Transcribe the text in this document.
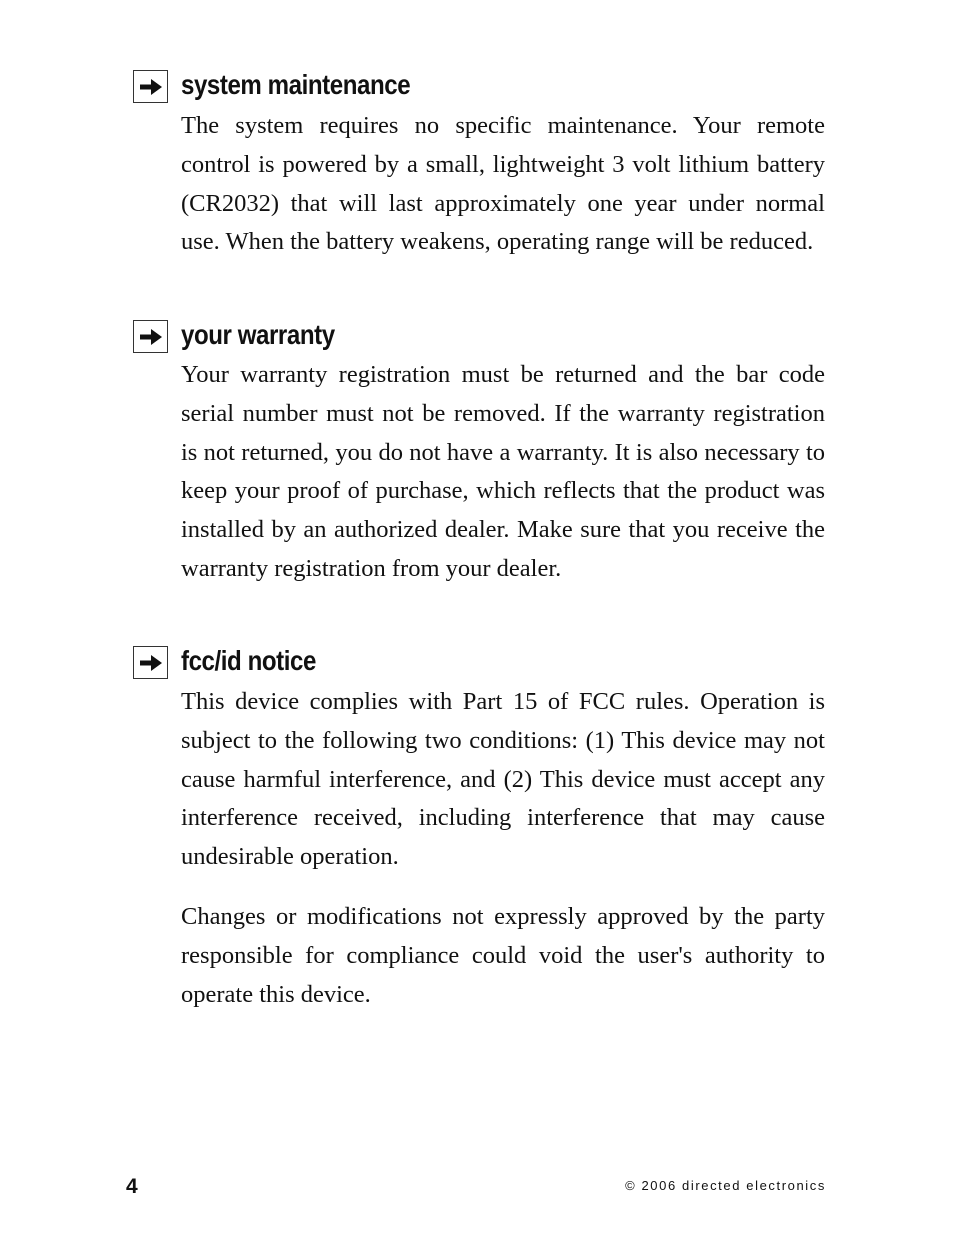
system maintenance

The system requires no specific maintenance. Your remote control is powered by a small, lightweight 3 volt lithium battery (CR2032) that will last approximately one year under normal use. When the battery weakens, operating range will be reduced.

your warranty

Your warranty registration must be returned and the bar code serial number must not be removed. If the warranty registration is not returned, you do not have a warranty. It is also necessary to keep your proof of purchase, which reflects that the product was installed by an authorized dealer. Make sure that you receive the warranty registration from your dealer.

fcc/id notice

This device complies with Part 15 of FCC rules. Operation is subject to the following two conditions: (1) This device may not cause harmful interference, and (2) This device must accept any interference received, including interference that may cause undesirable operation.

Changes or modifications not expressly approved by the party responsible for compliance could void the user's authority to operate this device.

4	© 2006 directed electronics
